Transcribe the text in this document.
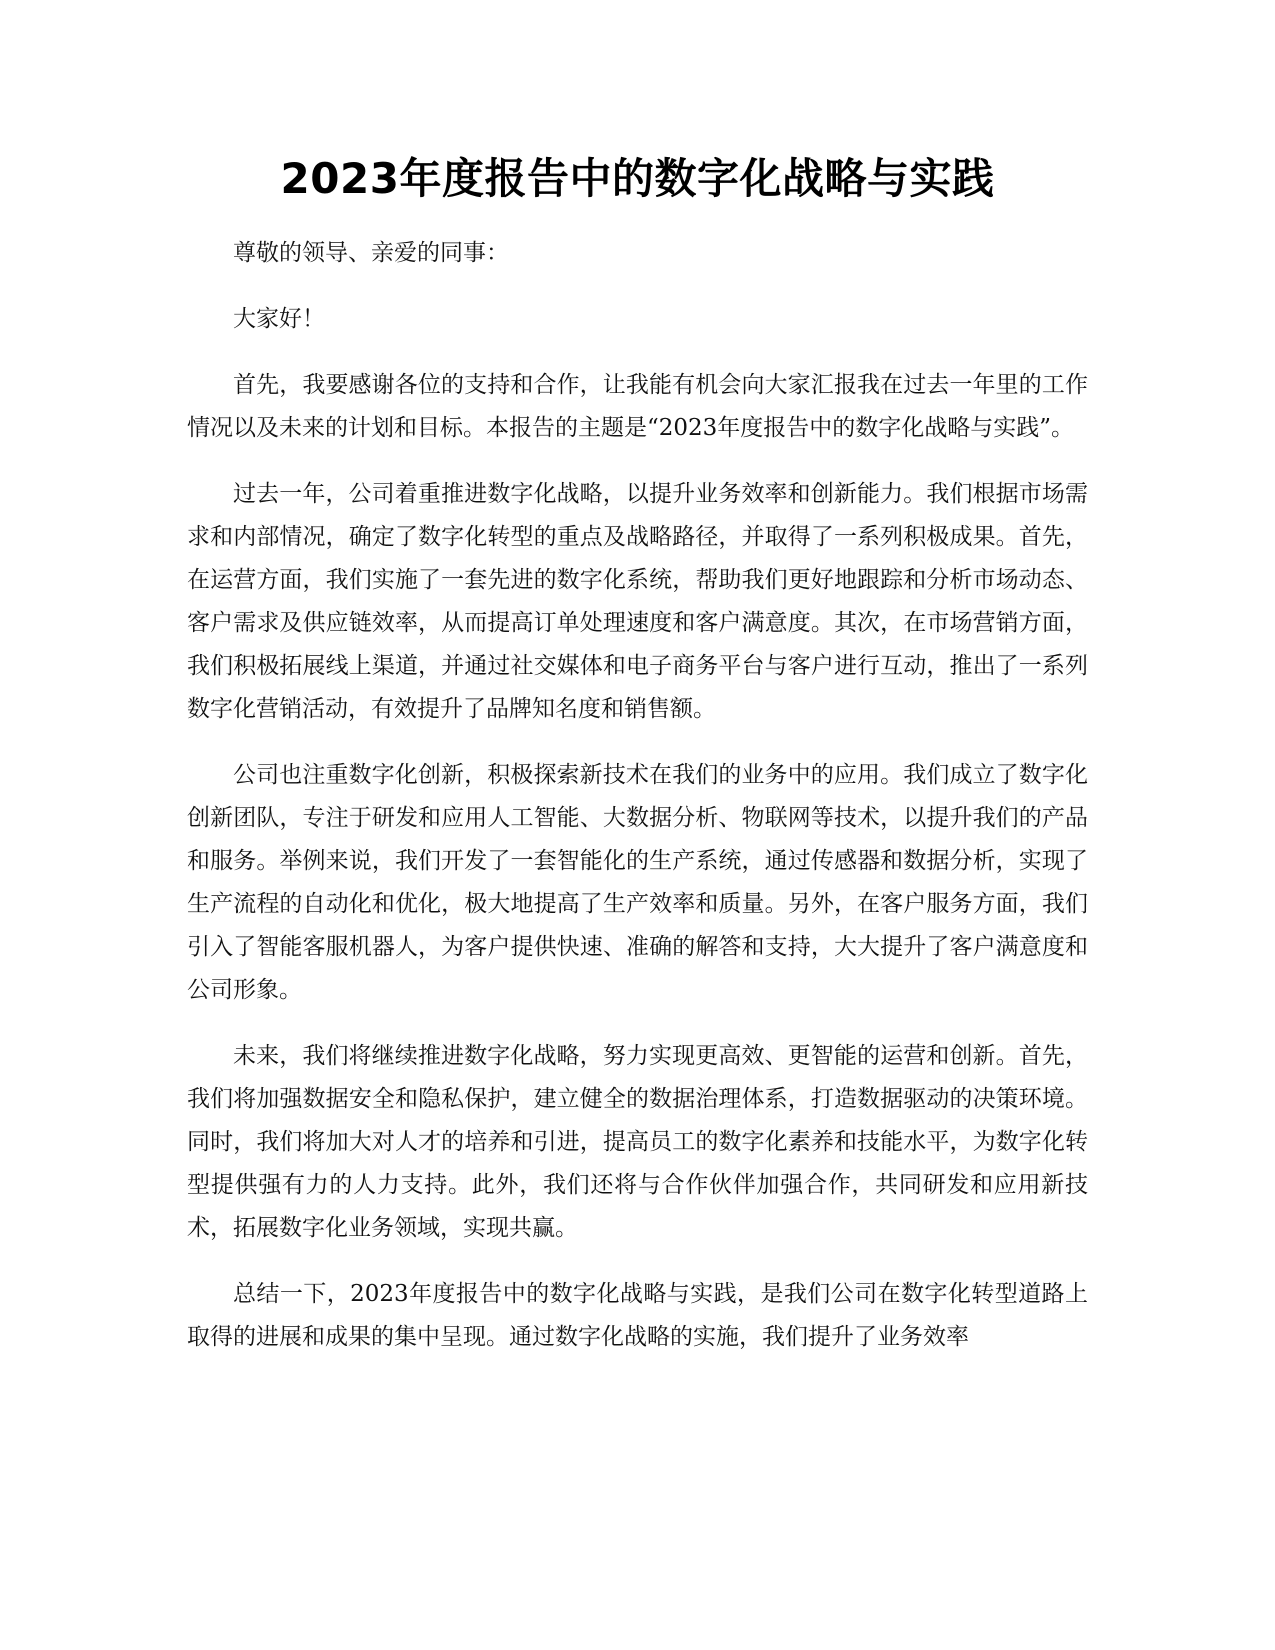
2023年度报告中的数字化战略与实践

尊敬的领导、亲爱的同事：

大家好！

首先，我要感谢各位的支持和合作，让我能有机会向大家汇报我在过去一年里的工作情况以及未来的计划和目标。本报告的主题是“2023年度报告中的数字化战略与实践”。

过去一年，公司着重推进数字化战略，以提升业务效率和创新能力。我们根据市场需求和内部情况，确定了数字化转型的重点及战略路径，并取得了一系列积极成果。首先，在运营方面，我们实施了一套先进的数字化系统，帮助我们更好地跟踪和分析市场动态、客户需求及供应链效率，从而提高订单处理速度和客户满意度。其次，在市场营销方面，我们积极拓展线上渠道，并通过社交媒体和电子商务平台与客户进行互动，推出了一系列数字化营销活动，有效提升了品牌知名度和销售额。

公司也注重数字化创新，积极探索新技术在我们的业务中的应用。我们成立了数字化创新团队，专注于研发和应用人工智能、大数据分析、物联网等技术，以提升我们的产品和服务。举例来说，我们开发了一套智能化的生产系统，通过传感器和数据分析，实现了生产流程的自动化和优化，极大地提高了生产效率和质量。另外，在客户服务方面，我们引入了智能客服机器人，为客户提供快速、准确的解答和支持，大大提升了客户满意度和公司形象。

未来，我们将继续推进数字化战略，努力实现更高效、更智能的运营和创新。首先，我们将加强数据安全和隐私保护，建立健全的数据治理体系，打造数据驱动的决策环境。同时，我们将加大对人才的培养和引进，提高员工的数字化素养和技能水平，为数字化转型提供强有力的人力支持。此外，我们还将与合作伙伴加强合作，共同研发和应用新技术，拓展数字化业务领域，实现共赢。

总结一下，2023年度报告中的数字化战略与实践，是我们公司在数字化转型道路上取得的进展和成果的集中呈现。通过数字化战略的实施，我们提升了业务效率
